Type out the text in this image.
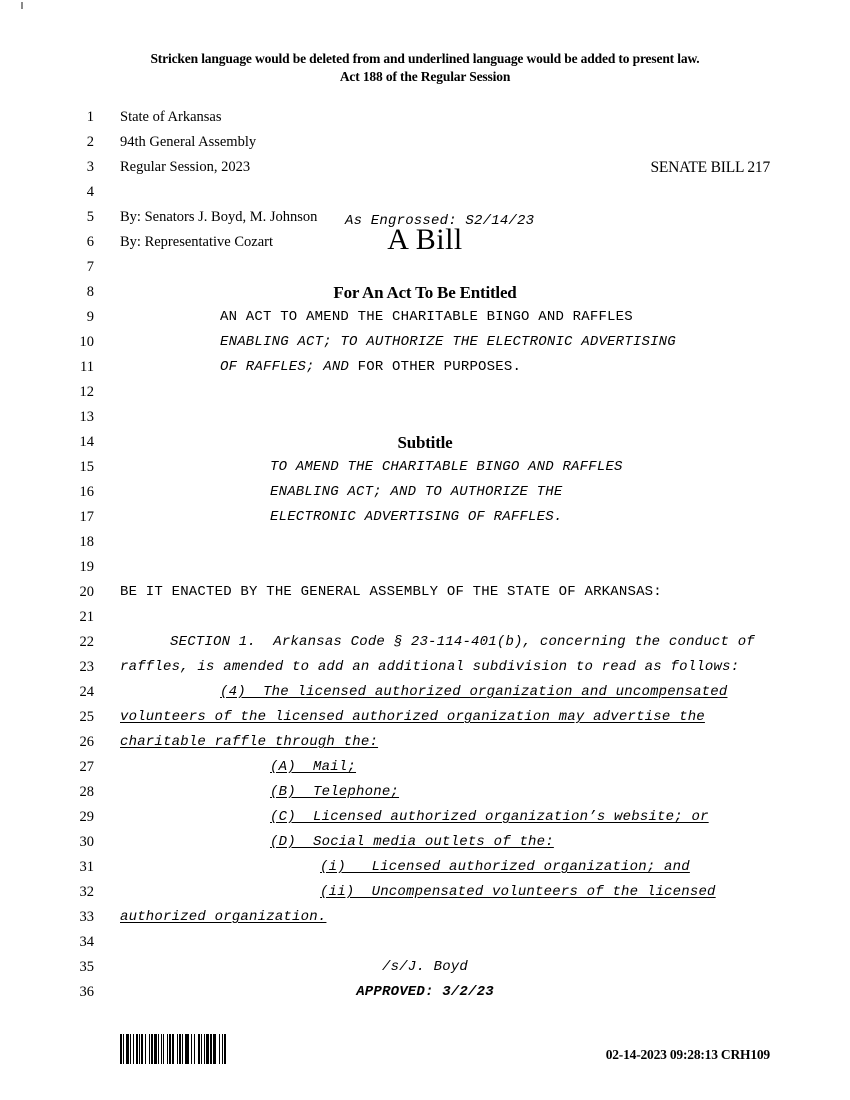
Stricken language would be deleted from and underlined language would be added to present law.
Act 188 of the Regular Session
1 State of Arkansas
As Engrossed: S2/14/23
A Bill
2 94th General Assembly
3 Regular Session, 2023	SENATE BILL 217
4
5 By: Senators J. Boyd, M. Johnson
6 By: Representative Cozart
7
8	For An Act To Be Entitled
9	AN ACT TO AMEND THE CHARITABLE BINGO AND RAFFLES
10	ENABLING ACT; TO AUTHORIZE THE ELECTRONIC ADVERTISING
11	OF RAFFLES; AND FOR OTHER PURPOSES.
12
13
14	Subtitle
15	TO AMEND THE CHARITABLE BINGO AND RAFFLES
16	ENABLING ACT; AND TO AUTHORIZE THE
17	ELECTRONIC ADVERTISING OF RAFFLES.
18
19
20 BE IT ENACTED BY THE GENERAL ASSEMBLY OF THE STATE OF ARKANSAS:
21
22	SECTION 1.  Arkansas Code § 23-114-401(b), concerning the conduct of
23 raffles, is amended to add an additional subdivision to read as follows:
24	(4)  The licensed authorized organization and uncompensated
25 volunteers of the licensed authorized organization may advertise the
26 charitable raffle through the:
27	(A)  Mail;
28	(B)  Telephone;
29	(C)  Licensed authorized organization’s website; or
30	(D)  Social media outlets of the:
31	(i)   Licensed authorized organization; and
32	(ii)  Uncompensated volunteers of the licensed
33 authorized organization.
34
35	/s/J. Boyd
36	APPROVED: 3/2/23
02-14-2023 09:28:13 CRH109
